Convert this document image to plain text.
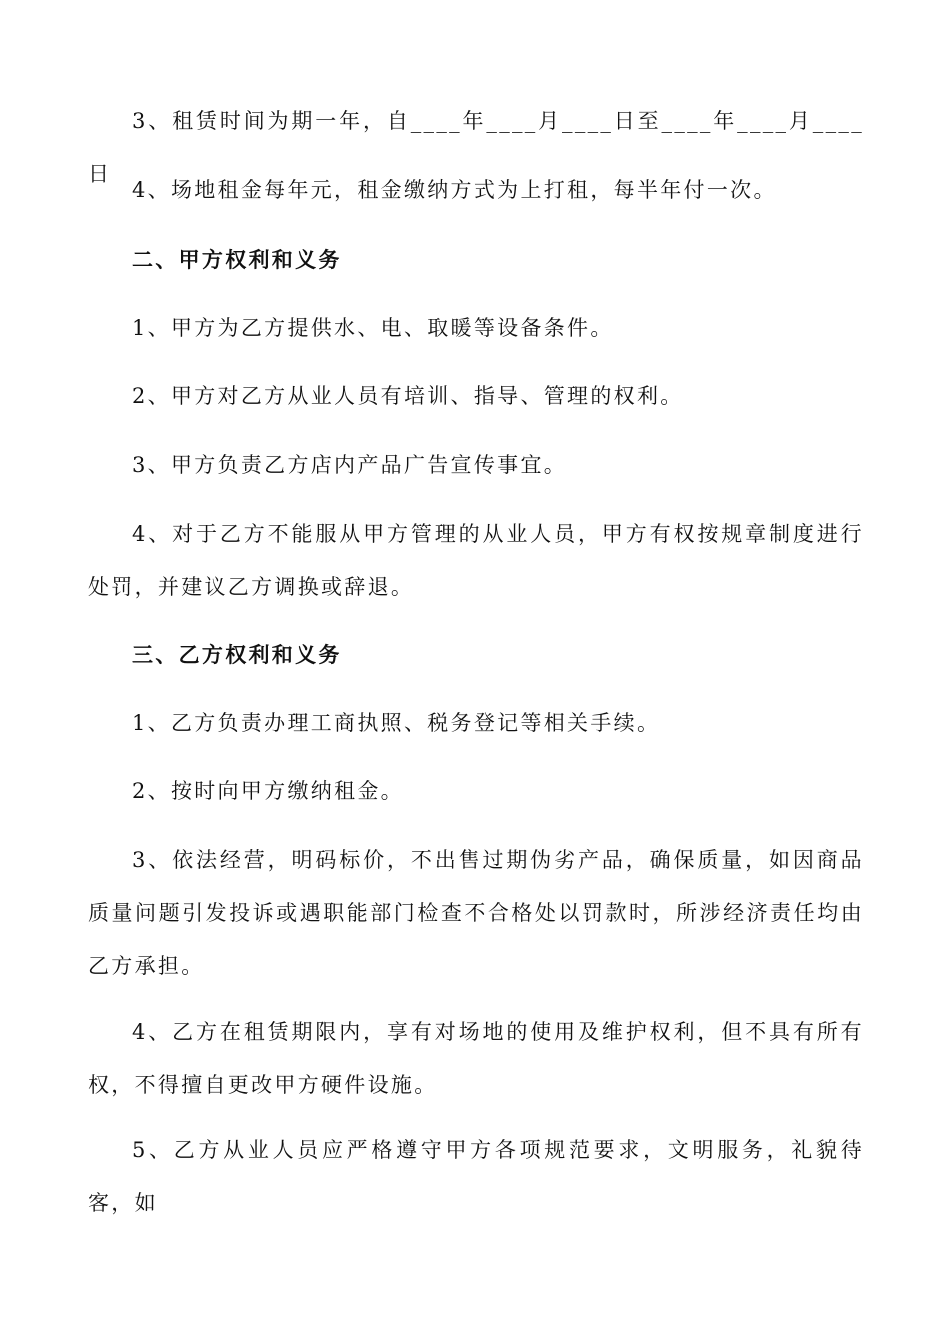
3、租赁时间为期一年，自____年____月____日至____年____月____日
4、场地租金每年元，租金缴纳方式为上打租，每半年付一次。
二、甲方权利和义务
1、甲方为乙方提供水、电、取暖等设备条件。
2、甲方对乙方从业人员有培训、指导、管理的权利。
3、甲方负责乙方店内产品广告宣传事宜。
4、对于乙方不能服从甲方管理的从业人员，甲方有权按规章制度进行处罚，并建议乙方调换或辞退。
三、乙方权利和义务
1、乙方负责办理工商执照、税务登记等相关手续。
2、按时向甲方缴纳租金。
3、依法经营，明码标价，不出售过期伪劣产品，确保质量，如因商品质量问题引发投诉或遇职能部门检查不合格处以罚款时，所涉经济责任均由乙方承担。
4、乙方在租赁期限内，享有对场地的使用及维护权利，但不具有所有权，不得擅自更改甲方硬件设施。
5、乙方从业人员应严格遵守甲方各项规范要求，文明服务，礼貌待客，如
